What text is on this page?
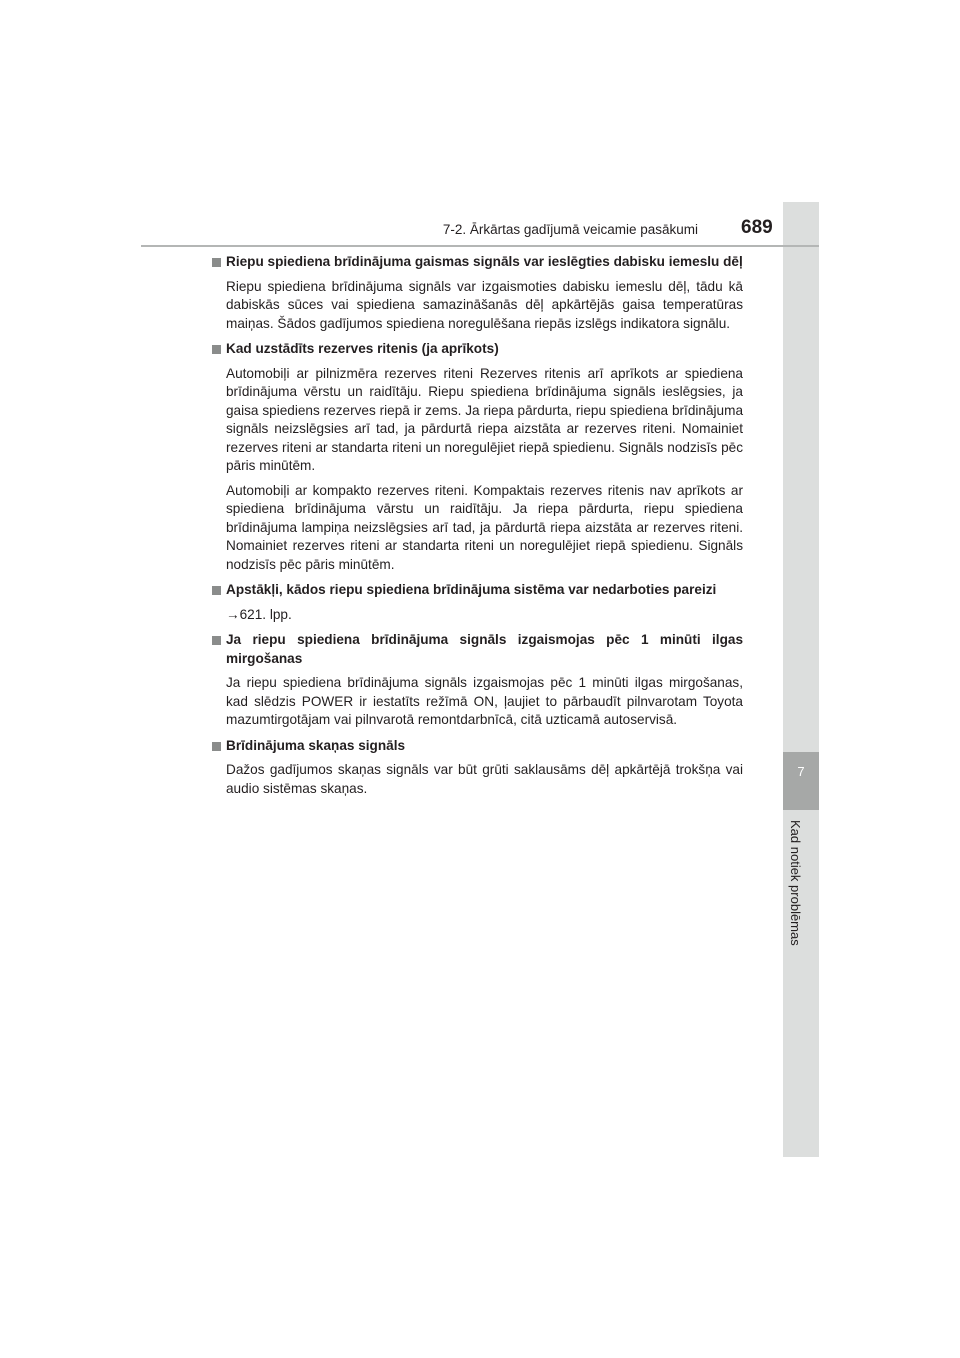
7
Kad notiek problēmas
7-2. Ārkārtas gadījumā veicamie pasākumi 689
Riepu spiediena brīdinājuma gaismas signāls var ieslēgties dabisku iemeslu dēļ

Riepu spiediena brīdinājuma signāls var izgaismoties dabisku iemeslu dēļ, tādu kā dabiskās sūces vai spiediena samazināšanās dēļ apkārtējās gaisa temperatūras maiņas. Šādos gadījumos spiediena noregulēšana riepās izslēgs indikatora signālu.

Kad uzstādīts rezerves ritenis (ja aprīkots)

Automobiļi ar pilnizmēra rezerves riteni Rezerves ritenis arī aprīkots ar spiediena brīdinājuma vērstu un raidītāju. Riepu spiediena brīdinājuma signāls ieslēgsies, ja gaisa spiediens rezerves riepā ir zems. Ja riepa pārdurta, riepu spiediena brīdinājuma signāls neizslēgsies arī tad, ja pārdurtā riepa aizstāta ar rezerves riteni. Nomainiet rezerves riteni ar standarta riteni un noregulējiet riepā spiedienu. Signāls nodzisīs pēc pāris minūtēm.

Automobiļi ar kompakto rezerves riteni. Kompaktais rezerves ritenis nav aprīkots ar spiediena brīdinājuma vārstu un raidītāju. Ja riepa pārdurta, riepu spiediena brīdinājuma lampiņa neizslēgsies arī tad, ja pārdurtā riepa aizstāta ar rezerves riteni. Nomainiet rezerves riteni ar standarta riteni un noregulējiet riepā spiedienu. Signāls nodzisīs pēc pāris minūtēm.

Apstākļi, kādos riepu spiediena brīdinājuma sistēma var nedarboties pareizi

→621. lpp.

Ja riepu spiediena brīdinājuma signāls izgaismojas pēc 1 minūti ilgas mirgošanas

Ja riepu spiediena brīdinājuma signāls izgaismojas pēc 1 minūti ilgas mirgošanas, kad slēdzis POWER ir iestatīts režīmā ON, ļaujiet to pārbaudīt pilnvarotam Toyota mazumtirgotājam vai pilnvarotā remontdarbnīcā, citā uzticamā autoservisā.

Brīdinājuma skaņas signāls

Dažos gadījumos skaņas signāls var būt grūti saklausāms dēļ apkārtējā trokšņa vai audio sistēmas skaņas.
